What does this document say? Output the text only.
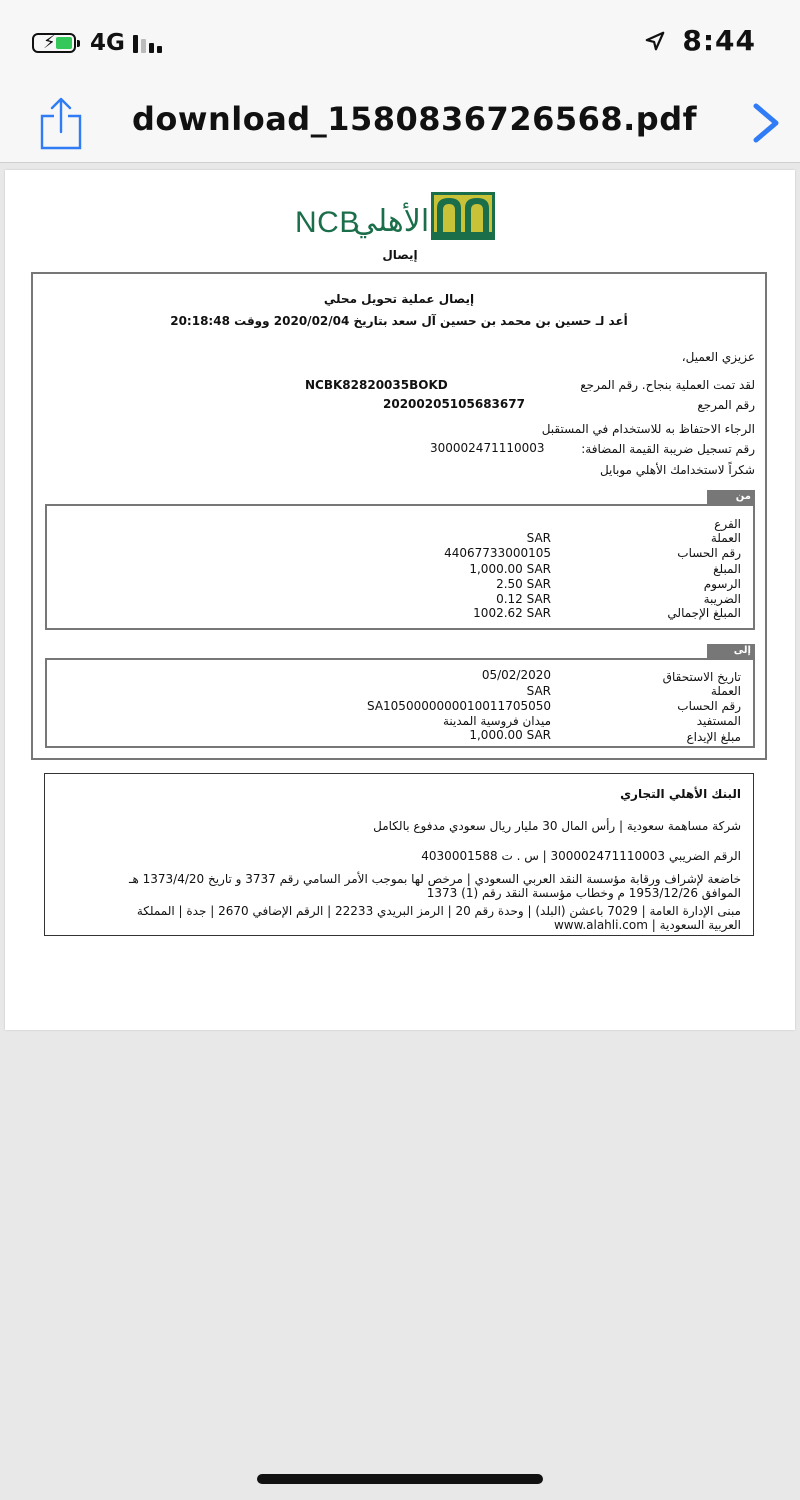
⚡ 4G	8:44
download_1580836726568.pdf
NCB
الأهلي
إيصال
إيصال عملية تحويل محلي
أعد لـ حسين بن محمد بن حسين آل سعد بتاريخ 2020/02/04 ووقت 20:18:48
عزيزي العميل،
لقد تمت العملية بنجاح. رقم المرجع
NCBK82820035BOKD
رقم المرجع
20200205105683677
الرجاء الاحتفاظ به للاستخدام في المستقبل
رقم تسجيل ضريبة القيمة المضافة:
300002471110003
شكراً لاستخدامك الأهلي موبايل
من
الفرع
العملة
SAR
رقم الحساب
44067733000105
المبلغ
1,000.00 SAR
الرسوم
2.50 SAR
الضريبة
0.12 SAR
المبلغ الإجمالي
1002.62 SAR
إلى
تاريخ الاستحقاق
05/02/2020
العملة
SAR
رقم الحساب
SA1050000000010011705050
المستفيد
ميدان فروسية المدينة
مبلغ الإيداع
1,000.00 SAR
البنك الأهلي التجاري
شركة مساهمة سعودية | رأس المال 30 مليار ريال سعودي مدفوع بالكامل
الرقم الضريبي 300002471110003 | س . ت 4030001588
خاضعة لإشراف ورقابة مؤسسة النقد العربي السعودي | مرخص لها بموجب الأمر السامي رقم 3737 و تاريخ 1373/4/20 هـ
الموافق 1953/12/26 م وخطاب مؤسسة النقد رقم (1) 1373
مبنى الإدارة العامة | 7029 باعشن (البلد) | وحدة رقم 20 | الرمز البريدي 22233 | الرقم الإضافي 2670 | جدة | المملكة
العربية السعودية | www.alahli.com
